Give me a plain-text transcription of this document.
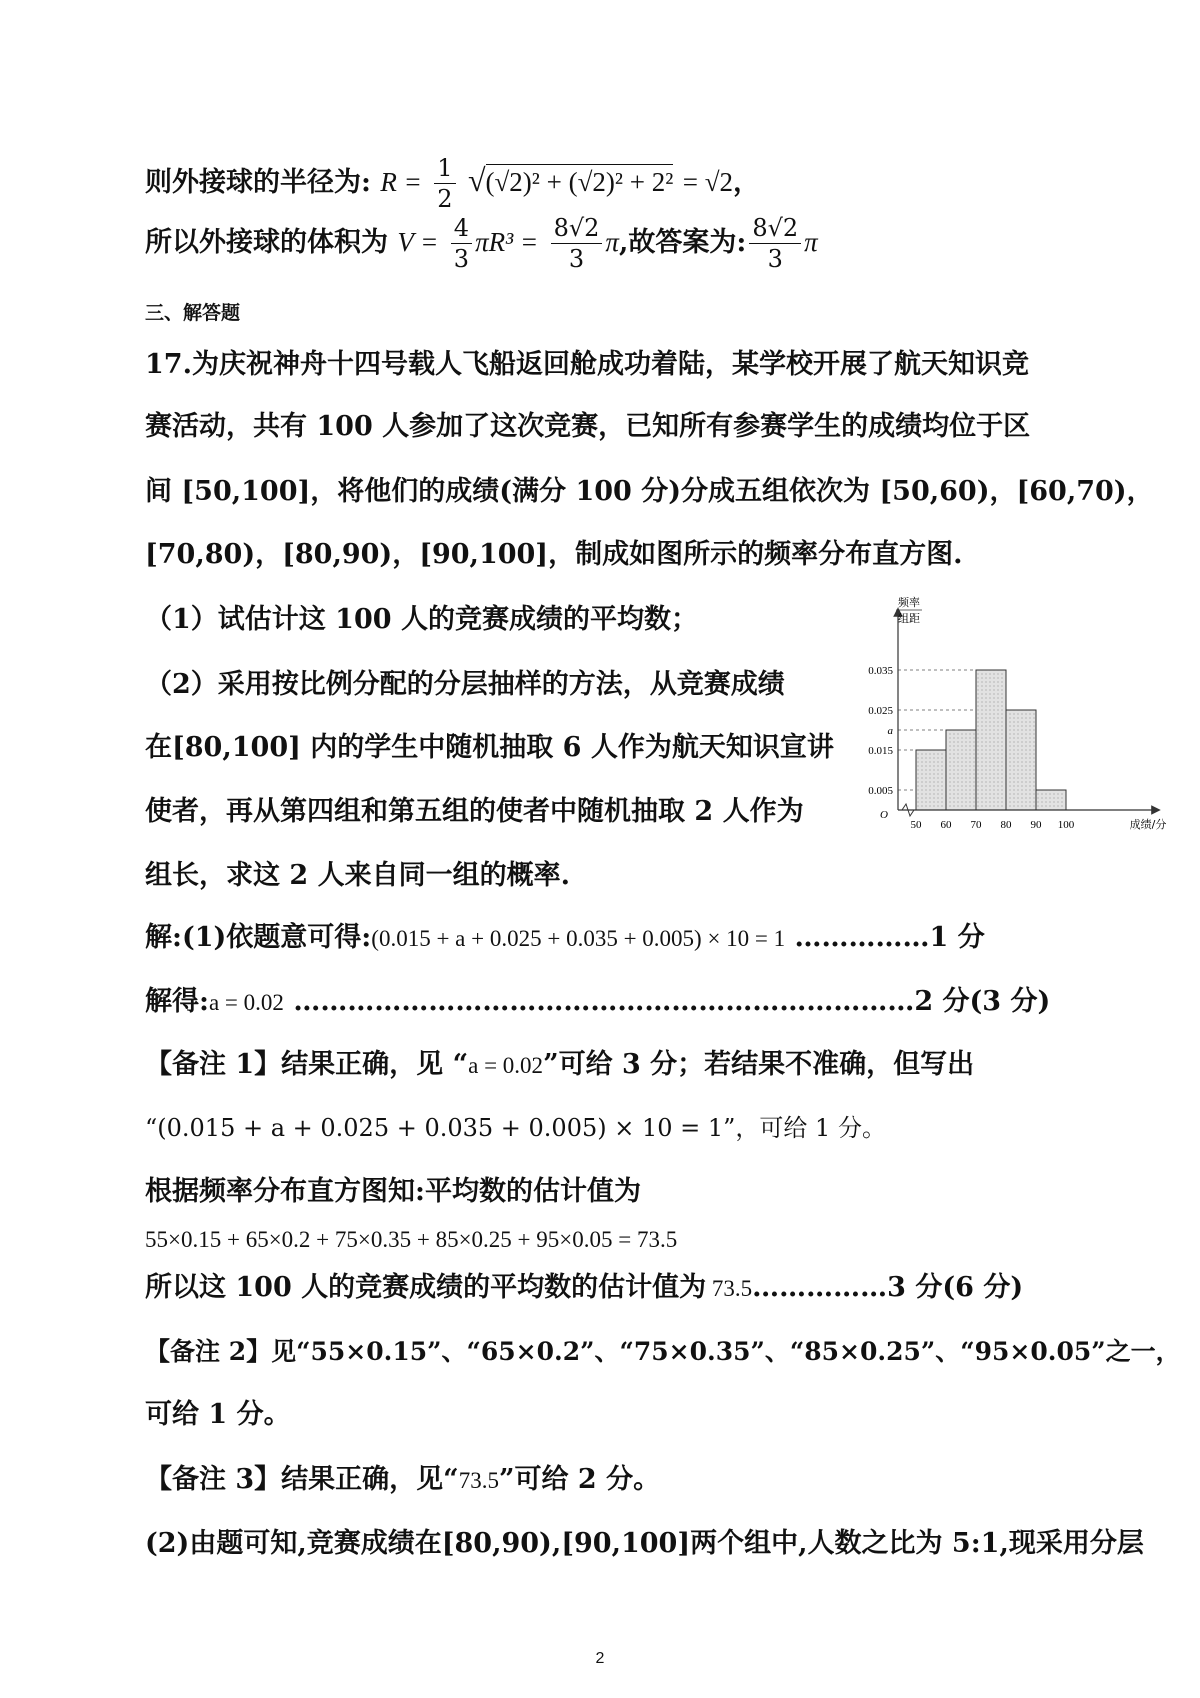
则外接球的半径为: $R = \frac{1}{2} √(√2)^2 + (√2)^2 + 2^2 = √2$，
所以外接球的体积为 $V = \frac{4}{3} \pi R^3 = \frac{8√2}{3} \pi$,故答案为: $\frac{8√2}{3}$ π
三、解答题
17.为庆祝神舟十四号载人飞船返回舱成功着陆，某学校开展了航天知识竞
赛活动，共有 100 人参加了这次竞赛，已知所有参赛学生的成绩均位于区
间 [50,100]，将他们的成绩(满分 100 分)分成五组依次为 [50,60)，[60,70)，
[70,80)，[80,90)，[90,100]，制成如图所示的频率分布直方图.
（1）试估计这 100 人的竞赛成绩的平均数；
（2）采用按比例分配的分层抽样的方法，从竞赛成绩
在[80,100] 内的学生中随机抽取 6 人作为航天知识宣讲
使者，再从第四组和第五组的使者中随机抽取 2 人作为
组长，求这 2 人来自同一组的概率.
0.035
0.025
a
0.015
0.005
50 60 70 80 90 100
O
频率
组距
成绩/分
解:(1)依题意可得:(0.015 + a + 0.025 + 0.035 + 0.005) × 10 = 1 ……………1 分
解得:a = 0.02 ……………………………………………………………2 分(3 分)
【备注 1】结果正确，见 “a = 0.02”可给 3 分；若结果不准确，但写出
“(0.015 + a + 0.025 + 0.035 + 0.005) × 10 = 1”，可给 1 分。
根据频率分布直方图知:平均数的估计值为
55×0.15 + 65×0.2 + 75×0.35 + 85×0.25 + 95×0.05 = 73.5
所以这 100 人的竞赛成绩的平均数的估计值为 73.5……………3 分(6 分)
【备注 2】见“55×0.15”、“65×0.2”、“75×0.35”、“85×0.25”、“95×0.05”之一，
可给 1 分。
【备注 3】结果正确，见“73.5”可给 2 分。
(2)由题可知,竞赛成绩在[80,90),[90,100]两个组中,人数之比为 5:1,现采用分层
2
